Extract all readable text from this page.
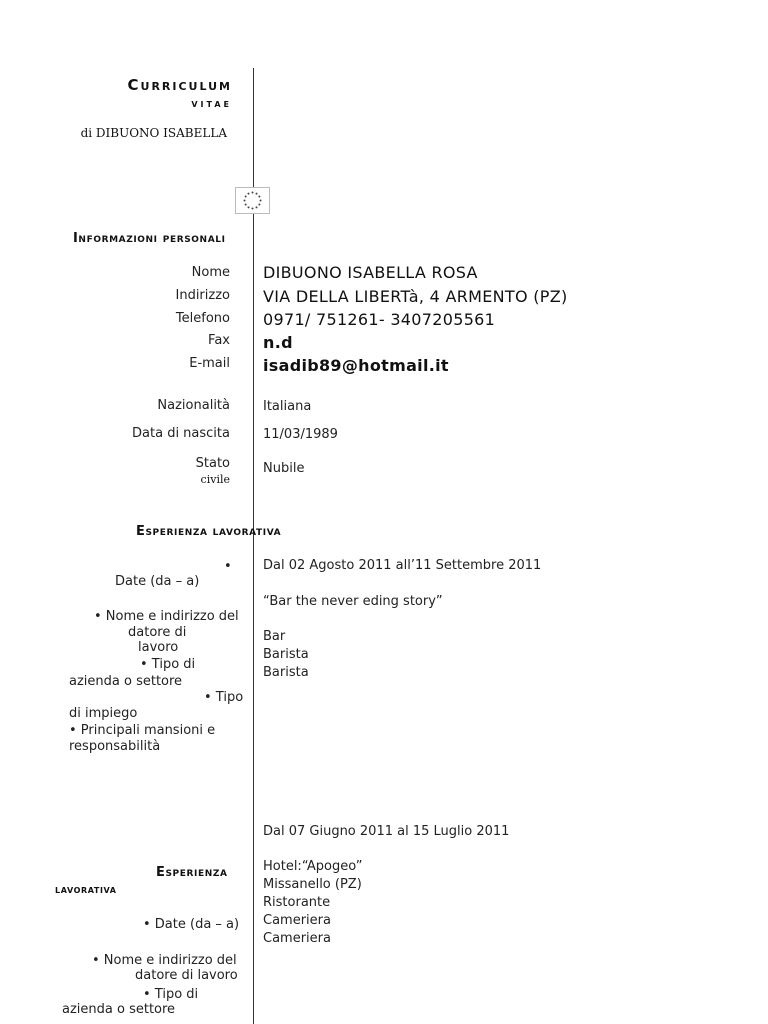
Curriculum
vitae
di DIBUONO ISABELLA
Informazioni personali
Nome DIBUONO ISABELLA ROSA
Indirizzo VIA DELLA LIBERTà, 4 ARMENTO (PZ)
Telefono 0971/ 751261- 3407205561
Fax n.d
E-mail isadib89@hotmail.it
Nazionalità	Italiana
Data di nascita	11/03/1989
Stato
civile
Nubile
Esperienza lavorativa
•
Date (da – a)
Dal 02 Agosto 2011 all’11 Settembre 2011
• Nome e indirizzo del
datore di
lavoro
“Bar the never eding story”
• Tipo di
azienda o settore
Bar
• Tipo
di impiego
Barista
• Principali mansioni e
responsabilità
Barista
Dal 07 Giugno 2011 al 15 Luglio 2011
Esperienza
lavorativa
Hotel:“Apogeo”
Missanello (PZ)
Ristorante
Cameriera
Cameriera
• Date (da – a)
• Nome e indirizzo del
datore di lavoro
• Tipo di
azienda o settore
